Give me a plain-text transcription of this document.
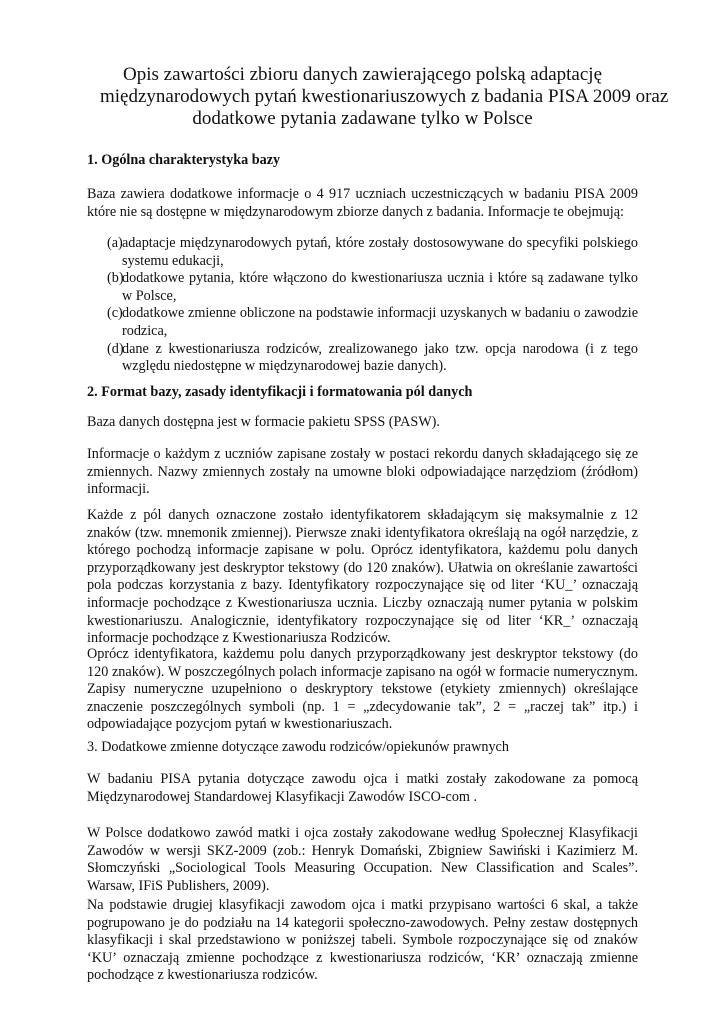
Opis zawartości zbioru danych zawierającego polską adaptację
międzynarodowych pytań kwestionariuszowych z badania PISA 2009 oraz
dodatkowe pytania zadawane tylko w Polsce
1. Ogólna charakterystyka bazy
Baza zawiera dodatkowe informacje o 4 917 uczniach uczestniczących w badaniu PISA 2009 które nie są dostępne w międzynarodowym zbiorze danych z badania. Informacje te obejmują:
(a) adaptacje międzynarodowych pytań, które zostały dostosowywane do specyfiki polskiego systemu edukacji,
(b)
dodatkowe pytania, które włączono do kwestionariusza ucznia i które są zadawane tylko w Polsce,
(c) dodatkowe zmienne obliczone na podstawie informacji uzyskanych w badaniu o zawodzie rodzica,
(d)
dane z kwestionariusza rodziców, zrealizowanego jako tzw. opcja narodowa (i z tego względu niedostępne w międzynarodowej bazie danych).
2. Format bazy, zasady identyfikacji i formatowania pól danych
Baza danych dostępna jest w formacie pakietu SPSS (PASW).
Informacje o każdym z uczniów zapisane zostały w postaci rekordu danych składającego się ze zmiennych. Nazwy zmiennych zostały na umowne bloki odpowiadające narzędziom (źródłom) informacji.
Każde z pól danych oznaczone zostało identyfikatorem składającym się maksymalnie z 12 znaków (tzw. mnemonik zmiennej). Pierwsze znaki identyfikatora określają na ogół narzędzie, z którego pochodzą informacje zapisane w polu. Oprócz identyfikatora, każdemu polu danych przyporządkowany jest deskryptor tekstowy (do 120 znaków). Ułatwia on określanie zawartości pola podczas korzystania z bazy. Identyfikatory rozpoczynające się od liter ‘KU_’ oznaczają informacje pochodzące z Kwestionariusza ucznia. Liczby oznaczają numer pytania w polskim kwestionariuszu. Analogicznie, identyfikatory rozpoczynające się od liter ‘KR_’ oznaczają informacje pochodzące z Kwestionariusza Rodziców.
Oprócz identyfikatora, każdemu polu danych przyporządkowany jest deskryptor tekstowy (do 120 znaków). W poszczególnych polach informacje zapisano na ogół w formacie numerycznym. Zapisy numeryczne uzupełniono o deskryptory tekstowe (etykiety zmiennych) określające znaczenie poszczególnych symboli (np. 1 = „zdecydowanie tak”, 2 = „raczej tak” itp.) i odpowiadające pozycjom pytań w kwestionariuszach.
3. Dodatkowe zmienne dotyczące zawodu rodziców/opiekunów prawnych
W badaniu PISA pytania dotyczące zawodu ojca i matki zostały zakodowane za pomocą Międzynarodowej Standardowej Klasyfikacji Zawodów ISCO-com .
W Polsce dodatkowo zawód matki i ojca zostały zakodowane według Społecznej Klasyfikacji Zawodów w wersji SKZ-2009 (zob.: Henryk Domański, Zbigniew Sawiński i Kazimierz M. Słomczyński „Sociological Tools Measuring Occupation. New Classification and Scales”. Warsaw, IFiS Publishers, 2009).
Na podstawie drugiej klasyfikacji zawodom ojca i matki przypisano wartości 6 skal, a także pogrupowano je do podziału na 14 kategorii społeczno-zawodowych. Pełny zestaw dostępnych klasyfikacji i skal przedstawiono w poniższej tabeli. Symbole rozpoczynające się od znaków ‘KU’ oznaczają zmienne pochodzące z kwestionariusza rodziców, ‘KR’ oznaczają zmienne pochodzące z kwestionariusza rodziców.
